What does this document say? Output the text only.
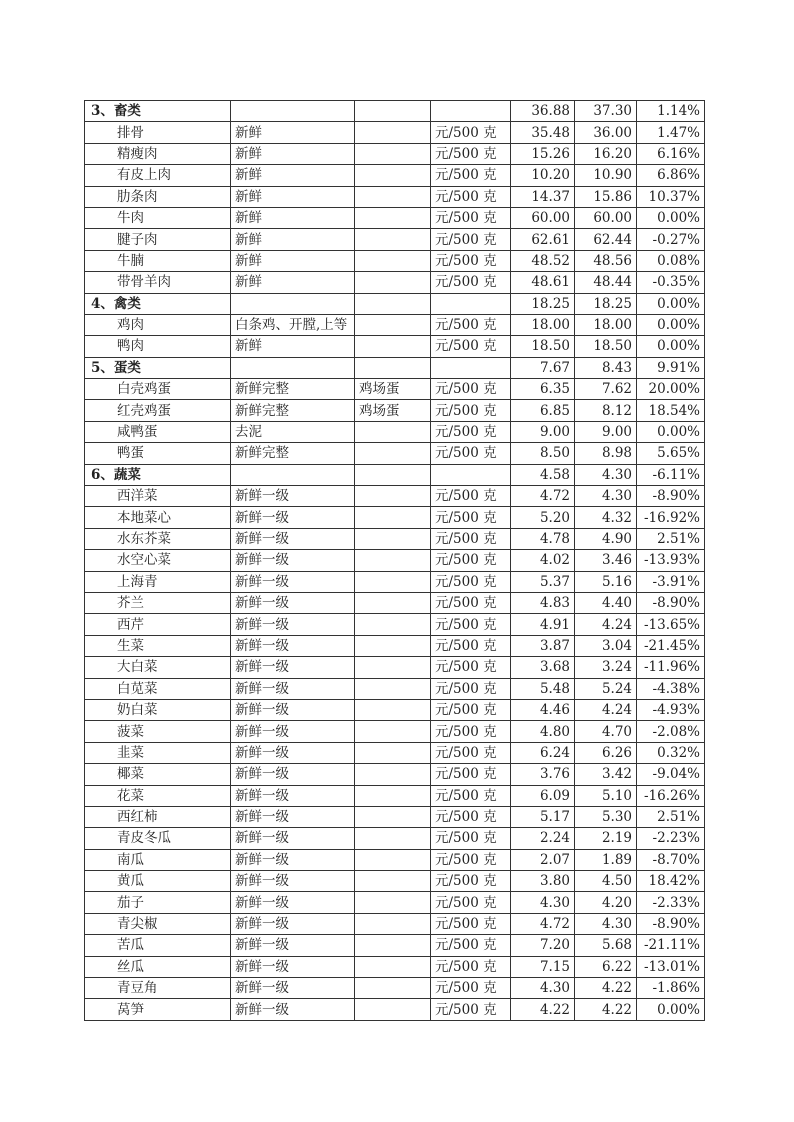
3、畜类				36.88	37.30	1.14%
排骨	新鲜		元/500 克	35.48	36.00	1.47%
精瘦肉	新鲜		元/500 克	15.26	16.20	6.16%
有皮上肉	新鲜		元/500 克	10.20	10.90	6.86%
肋条肉	新鲜		元/500 克	14.37	15.86	10.37%
牛肉	新鲜		元/500 克	60.00	60.00	0.00%
腱子肉	新鲜		元/500 克	62.61	62.44	-0.27%
牛腩	新鲜		元/500 克	48.52	48.56	0.08%
带骨羊肉	新鲜		元/500 克	48.61	48.44	-0.35%
4、禽类				18.25	18.25	0.00%
鸡肉	白条鸡、开膛,上等		元/500 克	18.00	18.00	0.00%
鸭肉	新鲜		元/500 克	18.50	18.50	0.00%
5、蛋类				7.67	8.43	9.91%
白壳鸡蛋	新鲜完整	鸡场蛋	元/500 克	6.35	7.62	20.00%
红壳鸡蛋	新鲜完整	鸡场蛋	元/500 克	6.85	8.12	18.54%
咸鸭蛋	去泥		元/500 克	9.00	9.00	0.00%
鸭蛋	新鲜完整		元/500 克	8.50	8.98	5.65%
6、蔬菜				4.58	4.30	-6.11%
西洋菜	新鲜一级		元/500 克	4.72	4.30	-8.90%
本地菜心	新鲜一级		元/500 克	5.20	4.32	-16.92%
水东芥菜	新鲜一级		元/500 克	4.78	4.90	2.51%
水空心菜	新鲜一级		元/500 克	4.02	3.46	-13.93%
上海青	新鲜一级		元/500 克	5.37	5.16	-3.91%
芥兰	新鲜一级		元/500 克	4.83	4.40	-8.90%
西芹	新鲜一级		元/500 克	4.91	4.24	-13.65%
生菜	新鲜一级		元/500 克	3.87	3.04	-21.45%
大白菜	新鲜一级		元/500 克	3.68	3.24	-11.96%
白苋菜	新鲜一级		元/500 克	5.48	5.24	-4.38%
奶白菜	新鲜一级		元/500 克	4.46	4.24	-4.93%
菠菜	新鲜一级		元/500 克	4.80	4.70	-2.08%
韭菜	新鲜一级		元/500 克	6.24	6.26	0.32%
椰菜	新鲜一级		元/500 克	3.76	3.42	-9.04%
花菜	新鲜一级		元/500 克	6.09	5.10	-16.26%
西红柿	新鲜一级		元/500 克	5.17	5.30	2.51%
青皮冬瓜	新鲜一级		元/500 克	2.24	2.19	-2.23%
南瓜	新鲜一级		元/500 克	2.07	1.89	-8.70%
黄瓜	新鲜一级		元/500 克	3.80	4.50	18.42%
茄子	新鲜一级		元/500 克	4.30	4.20	-2.33%
青尖椒	新鲜一级		元/500 克	4.72	4.30	-8.90%
苦瓜	新鲜一级		元/500 克	7.20	5.68	-21.11%
丝瓜	新鲜一级		元/500 克	7.15	6.22	-13.01%
青豆角	新鲜一级		元/500 克	4.30	4.22	-1.86%
莴笋	新鲜一级		元/500 克	4.22	4.22	0.00%
